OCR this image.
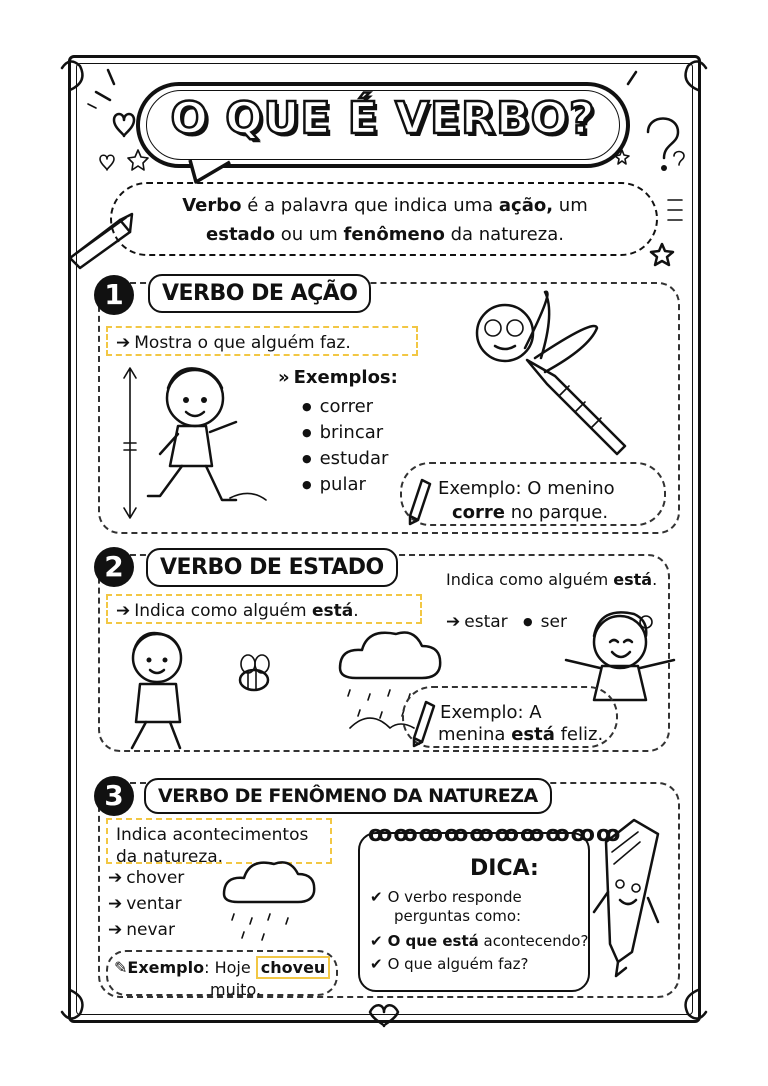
O QUE É VERBO?
Verbo é a palavra que indica uma ação, um
estado ou um fenômeno da natureza.
1	VERBO DE AÇÃO
➔ Mostra o que alguém faz.
» Exemplos:
● correr
● brincar
● estudar
● pular	Exemplo: O menino
corre no parque.
2	VERBO DE ESTADO
➔ Indica como alguém está.
Indica como alguém está.
➔ estar ● ser
Exemplo: A
menina está feliz.
3	VERBO DE FENÔMENO DA NATUREZA
Indica acontecimentos da natureza.
➔ chover
➔ ventar
➔ nevar
✎Exemplo: Hoje choveu
muito.
ꝏꝏꝏꝏꝏꝏꝏꝏꝏꝏ
DICA:
✔ O verbo responde
perguntas como:
✔ O que está acontecendo?
✔ O que alguém faz?
